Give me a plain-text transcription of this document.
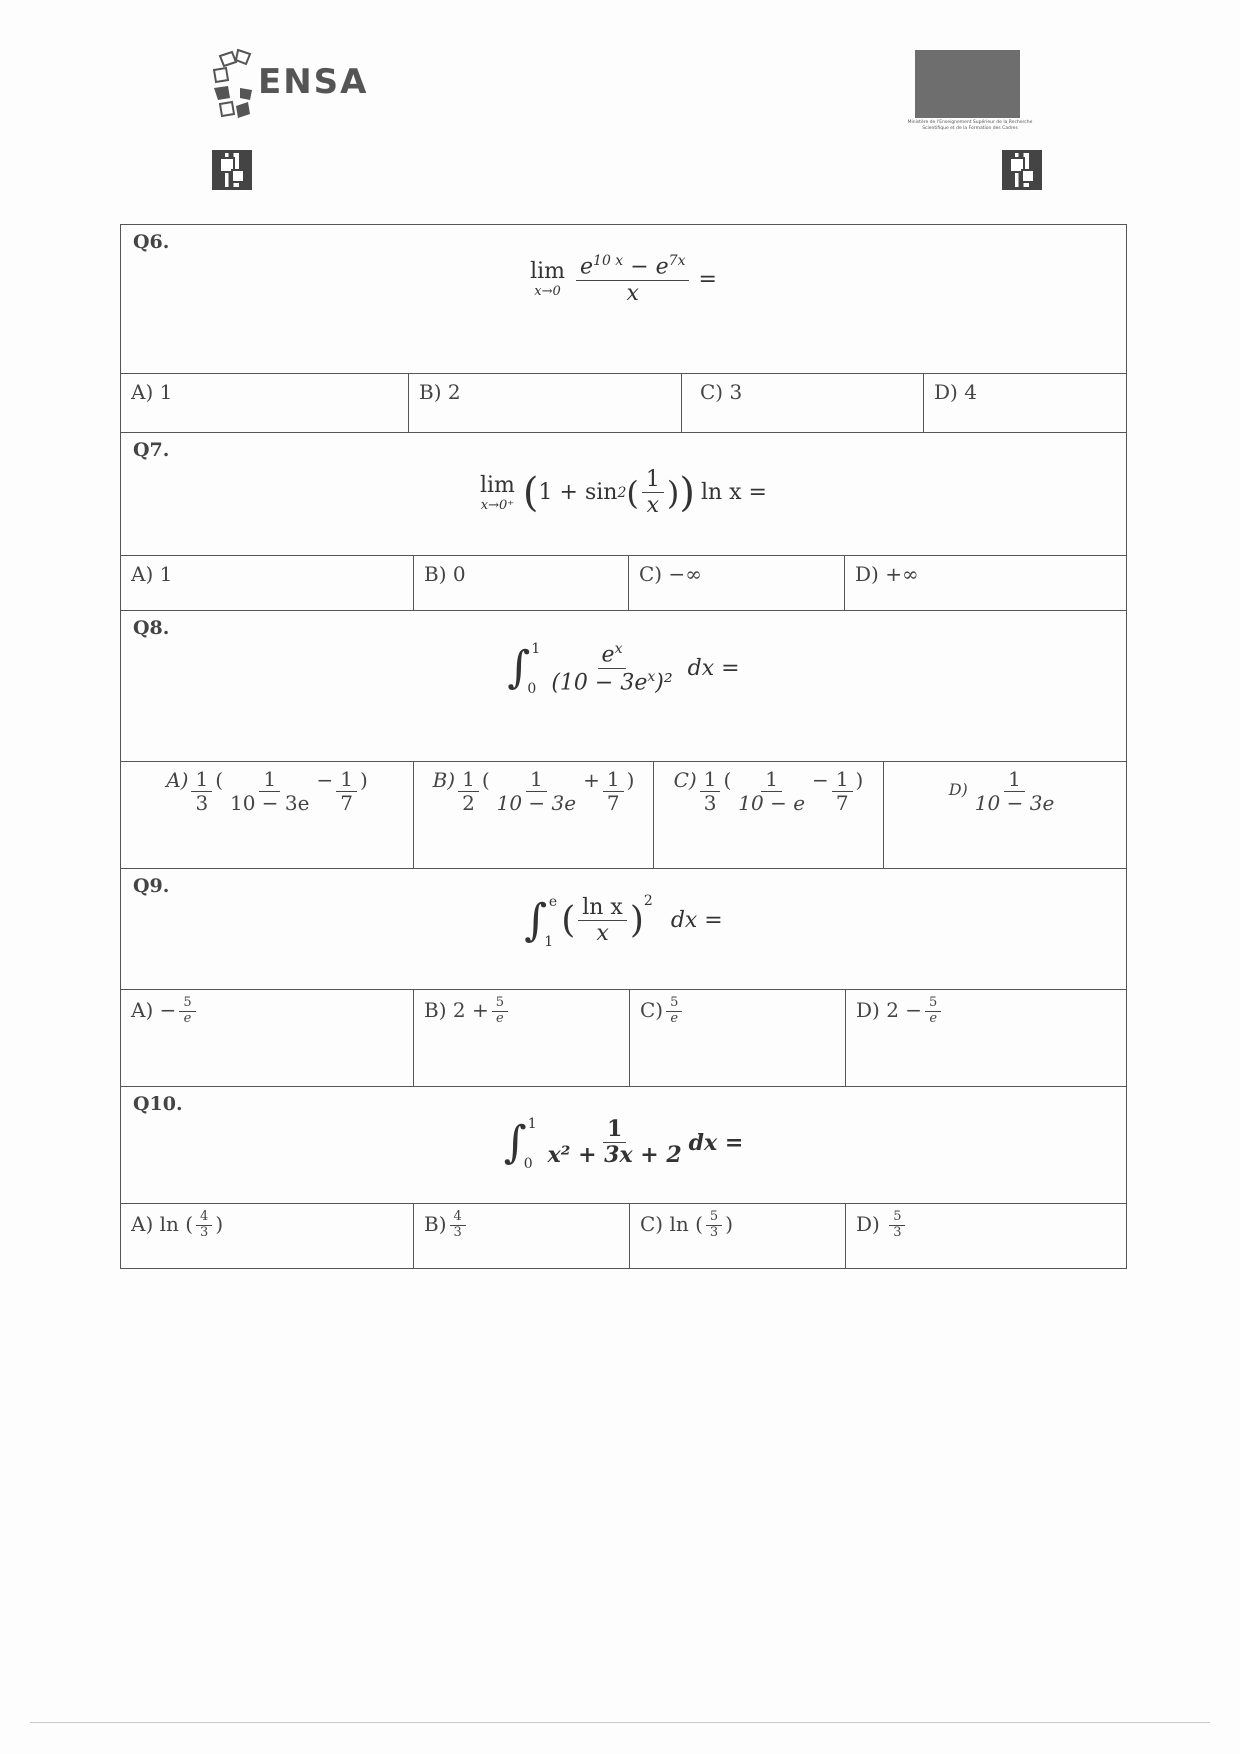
ENSA
Ministère de l'Enseignement Supérieur de la Recherche Scientifique et de la Formation des Cadres
Q6.
lim
$x\to 0 \frac{e^{10 x} - e^{7x}}{x}$ =
A) 1	B) 2	C) 3	D) 4
Q7.
lim
x→0⁺ ( 1 + sin 2 ( $\frac{1}{x}$ ) ) ln x =
A) 1	B) 0	C) −∞	D) +∞
Q8.
∫ 1
$0 \frac{e^x}{(10 - 3e^x)^2}$ dx =
$A) \frac{1}{3}$ ( $\frac{1}{10 - 3e} - \frac{1}{7}$ )	$B) \frac{1}{2}$ ( $\frac{1}{10 - 3e} + \frac{1}{7}$ )	$C) \frac{1}{3}$ ( $\frac{1}{10 - e} - \frac{1}{7}$ )	$D) \frac{1}{10 - 3e}$
Q9.
∫ e
1
( $\frac{\text{ln x}}{x}$ ) 2
dx =
$A) - \frac{5}{e}$	B) $2 + \frac{5}{e}$	$C) \frac{5}{e}$	D) $2 - \frac{5}{e}$
Q10.
∫ 1
$0 \frac{1}{\text{x² + 3x + 2}}$ dx =
A) ln ( $\frac{4}{3}$ )	$B) \frac{4}{3}$	C) ln ( $\frac{5}{3}$ )	$D) \frac{5}{3}$
